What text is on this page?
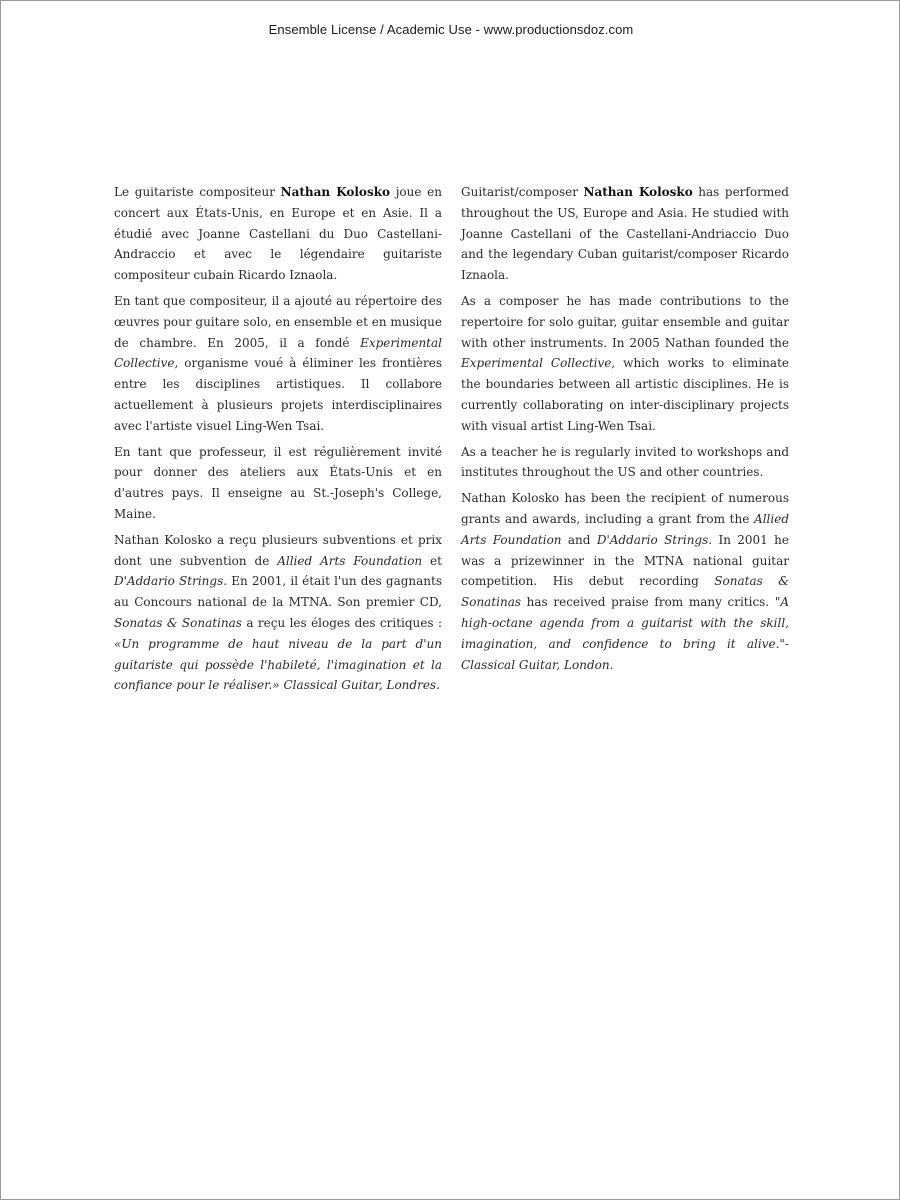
Ensemble License / Academic Use - www.productionsdoz.com

Le guitariste compositeur Nathan Kolosko joue en concert aux États-Unis, en Europe et en Asie. Il a étudié avec Joanne Castellani du Duo Castellani-Andraccio et avec le légendaire guitariste compositeur cubain Ricardo Iznaola.

En tant que compositeur, il a ajouté au répertoire des œuvres pour guitare solo, en ensemble et en musique de chambre. En 2005, il a fondé Experimental Collective, organisme voué à éliminer les frontières entre les disciplines artistiques. Il collabore actuellement à plusieurs projets interdisciplinaires avec l'artiste visuel Ling-Wen Tsai.

En tant que professeur, il est régulièrement invité pour donner des ateliers aux États-Unis et en d'autres pays. Il enseigne au St.-Joseph's College, Maine.

Nathan Kolosko a reçu plusieurs subventions et prix dont une subvention de Allied Arts Foundation et D'Addario Strings. En 2001, il était l'un des gagnants au Concours national de la MTNA. Son premier CD, Sonatas & Sonatinas a reçu les éloges des critiques : «Un programme de haut niveau de la part d'un guitariste qui possède l'habileté, l'imagination et la confiance pour le réaliser.» Classical Guitar, Londres.

Guitarist/composer Nathan Kolosko has performed throughout the US, Europe and Asia. He studied with Joanne Castellani of the Castellani-Andriaccio Duo and the legendary Cuban guitarist/composer Ricardo Iznaola.

As a composer he has made contributions to the repertoire for solo guitar, guitar ensemble and guitar with other instruments. In 2005 Nathan founded the Experimental Collective, which works to eliminate the boundaries between all artistic disciplines. He is currently collaborating on inter-disciplinary projects with visual artist Ling-Wen Tsai.

As a teacher he is regularly invited to workshops and institutes throughout the US and other countries.

Nathan Kolosko has been the recipient of numerous grants and awards, including a grant from the Allied Arts Foundation and D'Addario Strings. In 2001 he was a prizewinner in the MTNA national guitar competition. His debut recording Sonatas & Sonatinas has received praise from many critics. "A high-octane agenda from a guitarist with the skill, imagination, and confidence to bring it alive."- Classical Guitar, London.
